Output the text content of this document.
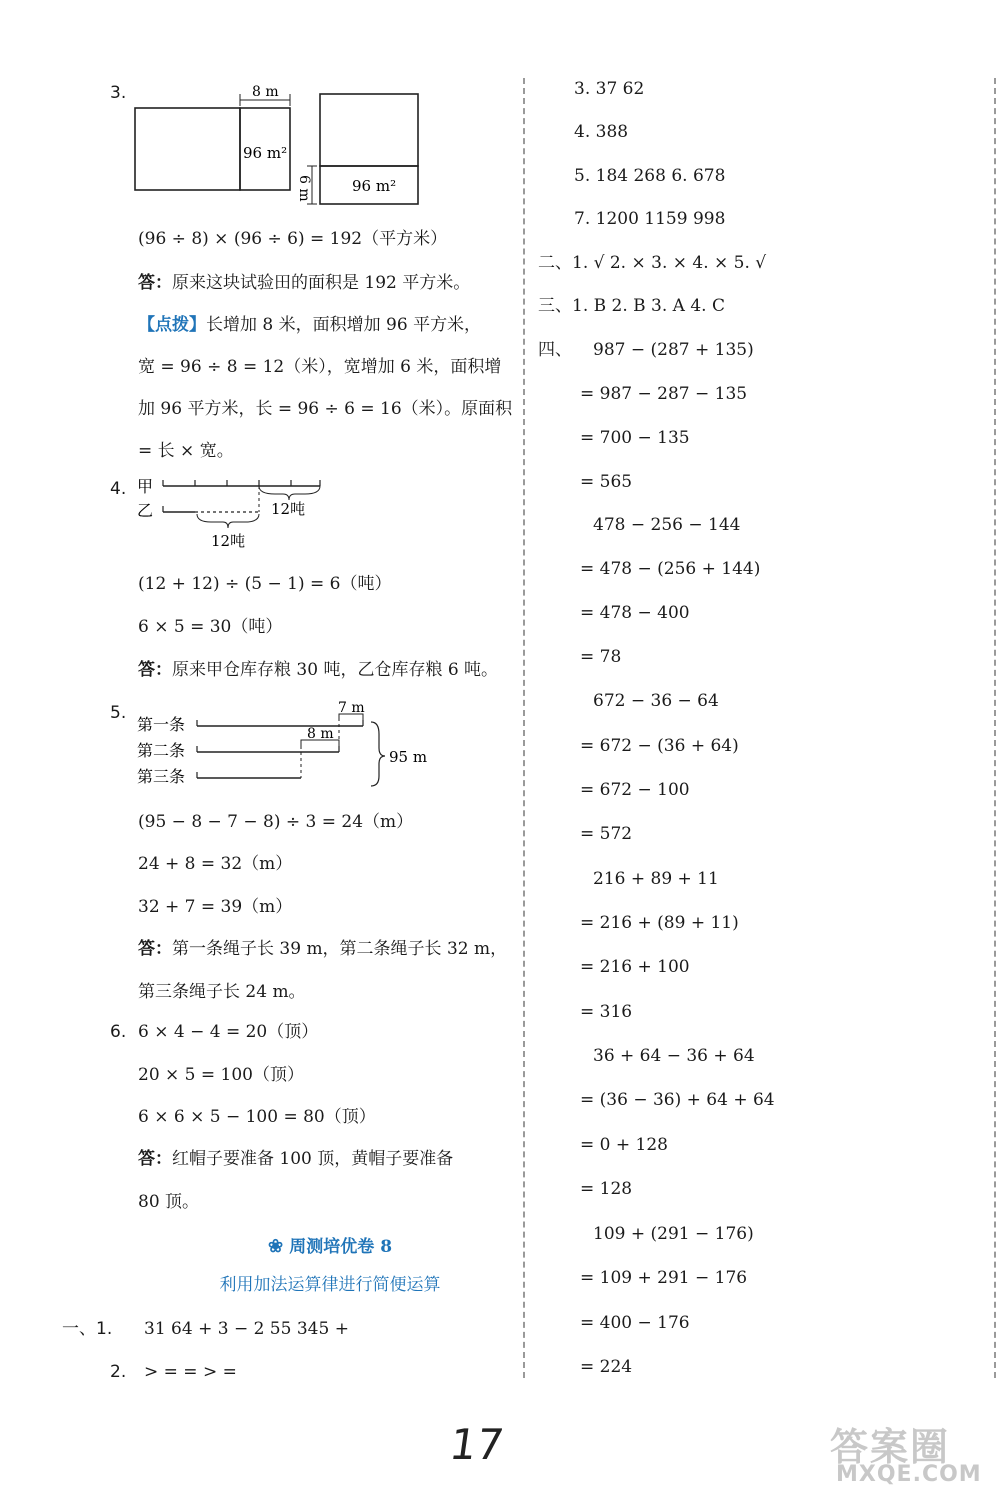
3.	8 m
96 m²
6 m	96 m²
(96 ÷ 8) × (96 ÷ 6) = 192（平方米）
答：原来这块试验田的面积是 192 平方米。
【点拨】长增加 8 米，面积增加 96 平方米，
宽 = 96 ÷ 8 = 12（米），宽增加 6 米，面积增
加 96 平方米，长 = 96 ÷ 6 = 16（米）。原面积
= 长 × 宽。
4. 甲
乙	12吨
12吨
(12 + 12) ÷ (5 − 1) = 6（吨）
6 × 5 = 30（吨）
答：原来甲仓库存粮 30 吨，乙仓库存粮 6 吨。
5.
第一条
第二条
第三条
7 m
8 m
95 m
(95 − 8 − 7 − 8) ÷ 3 = 24（m）
24 + 8 = 32（m）
32 + 7 = 39（m）
答：第一条绳子长 39 m，第二条绳子长 32 m，
第三条绳子长 24 m。
6. 6 × 4 − 4 = 20（顶）
20 × 5 = 100（顶）
6 × 6 × 5 − 100 = 80（顶）
答：红帽子要准备 100 顶，黄帽子要准备
80 顶。
❀ 周测培优卷 8
利用加法运算律进行简便运算
一、1. 31 64 + 3 − 2 55 345 +
2. > = = > =
3. 37 62
4. 388
5. 184 268 6. 678
7. 1200 1159 998
二、1. √ 2. × 3. × 4. × 5. √
三、1. B 2. B 3. A 4. C
四、 987 − (287 + 135)
= 987 − 287 − 135
= 700 − 135
= 565
478 − 256 − 144
= 478 − (256 + 144)
= 478 − 400
= 78
672 − 36 − 64
= 672 − (36 + 64)
= 672 − 100
= 572
216 + 89 + 11
= 216 + (89 + 11)
= 216 + 100
= 316
36 + 64 − 36 + 64
= (36 − 36) + 64 + 64
= 0 + 128
= 128
109 + (291 − 176)
= 109 + 291 − 176
= 400 − 176
= 224
17	答案圈
MXQE.COM
